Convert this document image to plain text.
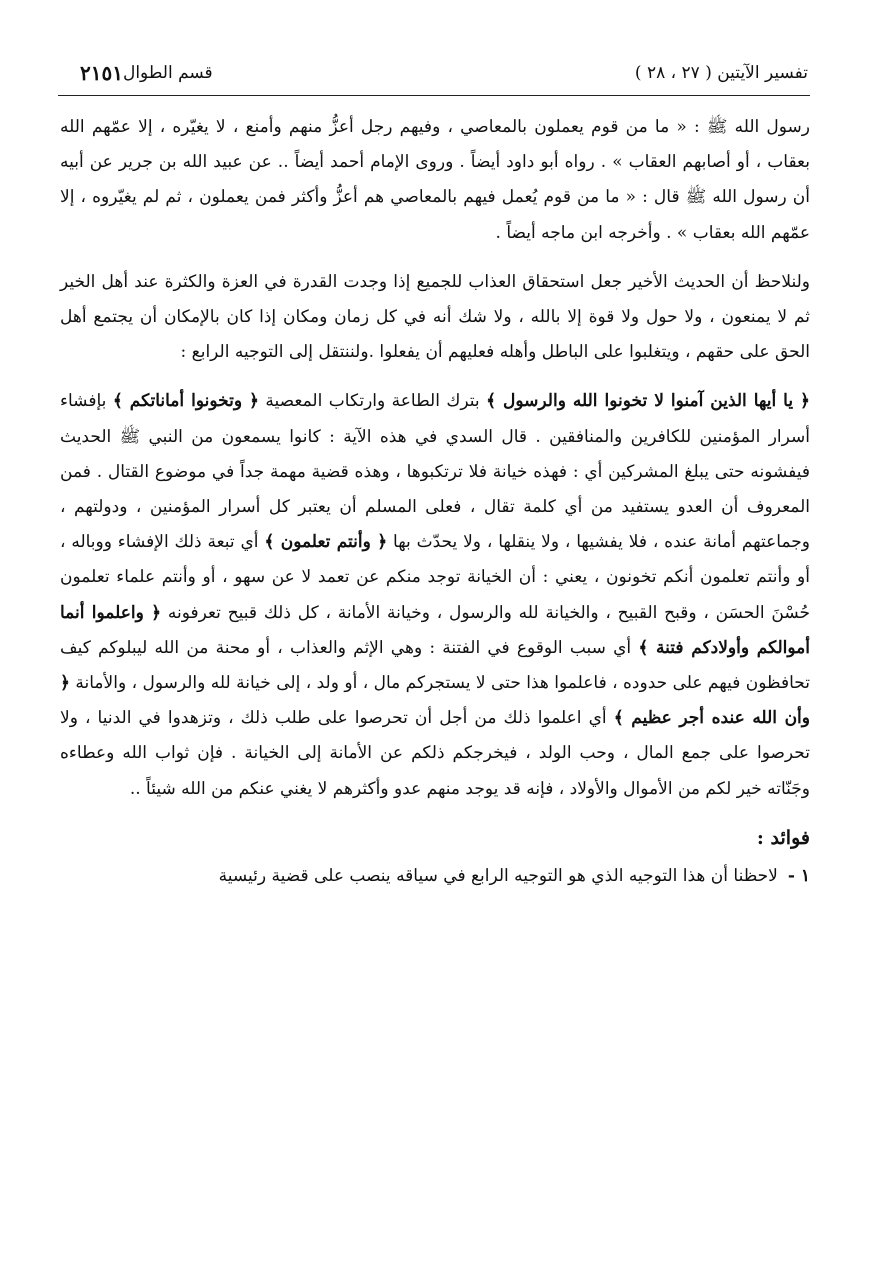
تفسير الآيتين ( ٢٧ ، ٢٨ )
قسم الطوال
٢١٥١

رسول الله ﷺ : « ما من قوم يعملون بالمعاصي ، وفيهم رجل أعزُّ منهم وأمنع ، لا يغيّره ، إلا عمّهم الله بعقاب ، أو أصابهم العقاب » . رواه أبو داود أيضاً . وروى الإمام أحمد أيضاً .. عن عبيد الله بن جرير عن أبيه أن رسول الله ﷺ قال : « ما من قوم يُعمل فيهم بالمعاصي هم أعزُّ وأكثر فمن يعملون ، ثم لم يغيّروه ، إلا عمّهم الله بعقاب » . وأخرجه ابن ماجه أيضاً .

ولنلاحظ أن الحديث الأخير جعل استحقاق العذاب للجميع إذا وجدت القدرة في العزة والكثرة عند أهل الخير ثم لا يمنعون ، ولا حول ولا قوة إلا بالله ، ولا شك أنه في كل زمان ومكان إذا كان بالإمكان أن يجتمع أهل الحق على حقهم ، ويتغلبوا على الباطل وأهله فعليهم أن يفعلوا .ولننتقل إلى التوجيه الرابع :

﴿ يا أيها الذين آمنوا لا تخونوا الله والرسول ﴾ بترك الطاعة وارتكاب المعصية ﴿ وتخونوا أماناتكم ﴾ بإفشاء أسرار المؤمنين للكافرين والمنافقين . قال السدي في هذه الآية : كانوا يسمعون من النبي ﷺ الحديث فيفشونه حتى يبلغ المشركين أي : فهذه خيانة فلا ترتكبوها ، وهذه قضية مهمة جداً في موضوع القتال . فمن المعروف أن العدو يستفيد من أي كلمة تقال ، فعلى المسلم أن يعتبر كل أسرار المؤمنين ، ودولتهم ، وجماعتهم أمانة عنده ، فلا يفشيها ، ولا ينقلها ، ولا يحدّث بها ﴿ وأنتم تعلمون ﴾ أي تبعة ذلك الإفشاء ووباله ، أو وأنتم تعلمون أنكم تخونون ، يعني : أن الخيانة توجد منكم عن تعمد لا عن سهو ، أو وأنتم علماء تعلمون حُسْنَ الحسَن ، وقبح القبيح ، والخيانة لله والرسول ، وخيانة الأمانة ، كل ذلك قبيح تعرفونه ﴿ واعلموا أنما أموالكم وأولادكم فتنة ﴾ أي سبب الوقوع في الفتنة : وهي الإثم والعذاب ، أو محنة من الله ليبلوكم كيف تحافظون فيهم على حدوده ، فاعلموا هذا حتى لا يستجركم مال ، أو ولد ، إلى خيانة لله والرسول ، والأمانة ﴿ وأن الله عنده أجر عظيم ﴾ أي اعلموا ذلك من أجل أن تحرصوا على طلب ذلك ، وتزهدوا في الدنيا ، ولا تحرصوا على جمع المال ، وحب الولد ، فيخرجكم ذلكم عن الأمانة إلى الخيانة . فإن ثواب الله وعطاءه وجَنّاته خير لكم من الأموال والأولاد ، فإنه قد يوجد منهم عدو وأكثرهم لا يغني عنكم من الله شيئاً ..

فوائد :
١ -لاحظنا أن هذا التوجيه الذي هو التوجيه الرابع في سياقه ينصب على قضية رئيسية
